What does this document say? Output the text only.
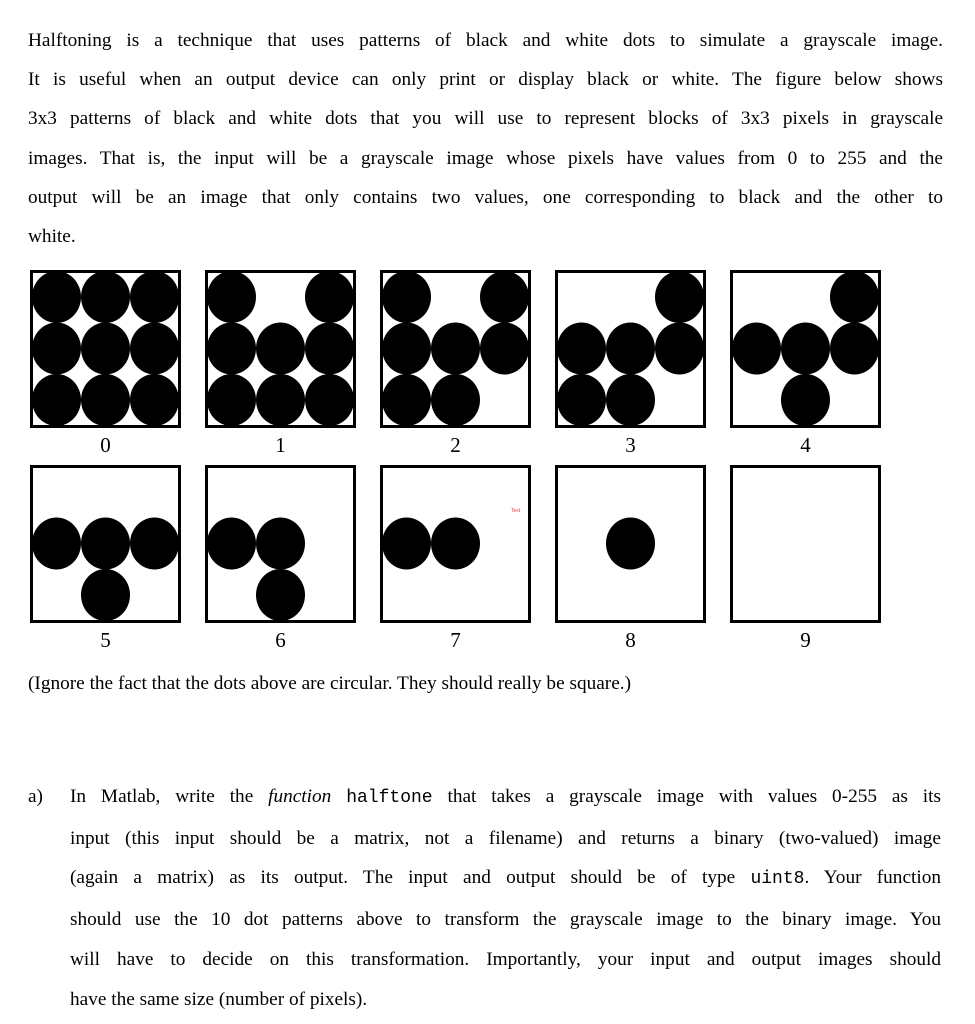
Halftoning is a technique that uses patterns of black and white dots to simulate a grayscale image.
It is useful when an output device can only print or display black or white. The figure below shows
3x3 patterns of black and white dots that you will use to represent blocks of 3x3 pixels in grayscale
images. That is, the input will be a grayscale image whose pixels have values from 0 to 255 and the
output will be an image that only contains two values, one corresponding to black and the other to
white.
0	1	2	3	4
5	6	7	8	9
Text
(Ignore the fact that the dots above are circular. They should really be square.)
a) In Matlab, write the function halftone that takes a grayscale image with values 0-255 as its
input (this input should be a matrix, not a filename) and returns a binary (two-valued) image
(again a matrix) as its output. The input and output should be of type uint8. Your function
should use the 10 dot patterns above to transform the grayscale image to the binary image. You
will have to decide on this transformation. Importantly, your input and output images should
have the same size (number of pixels).
